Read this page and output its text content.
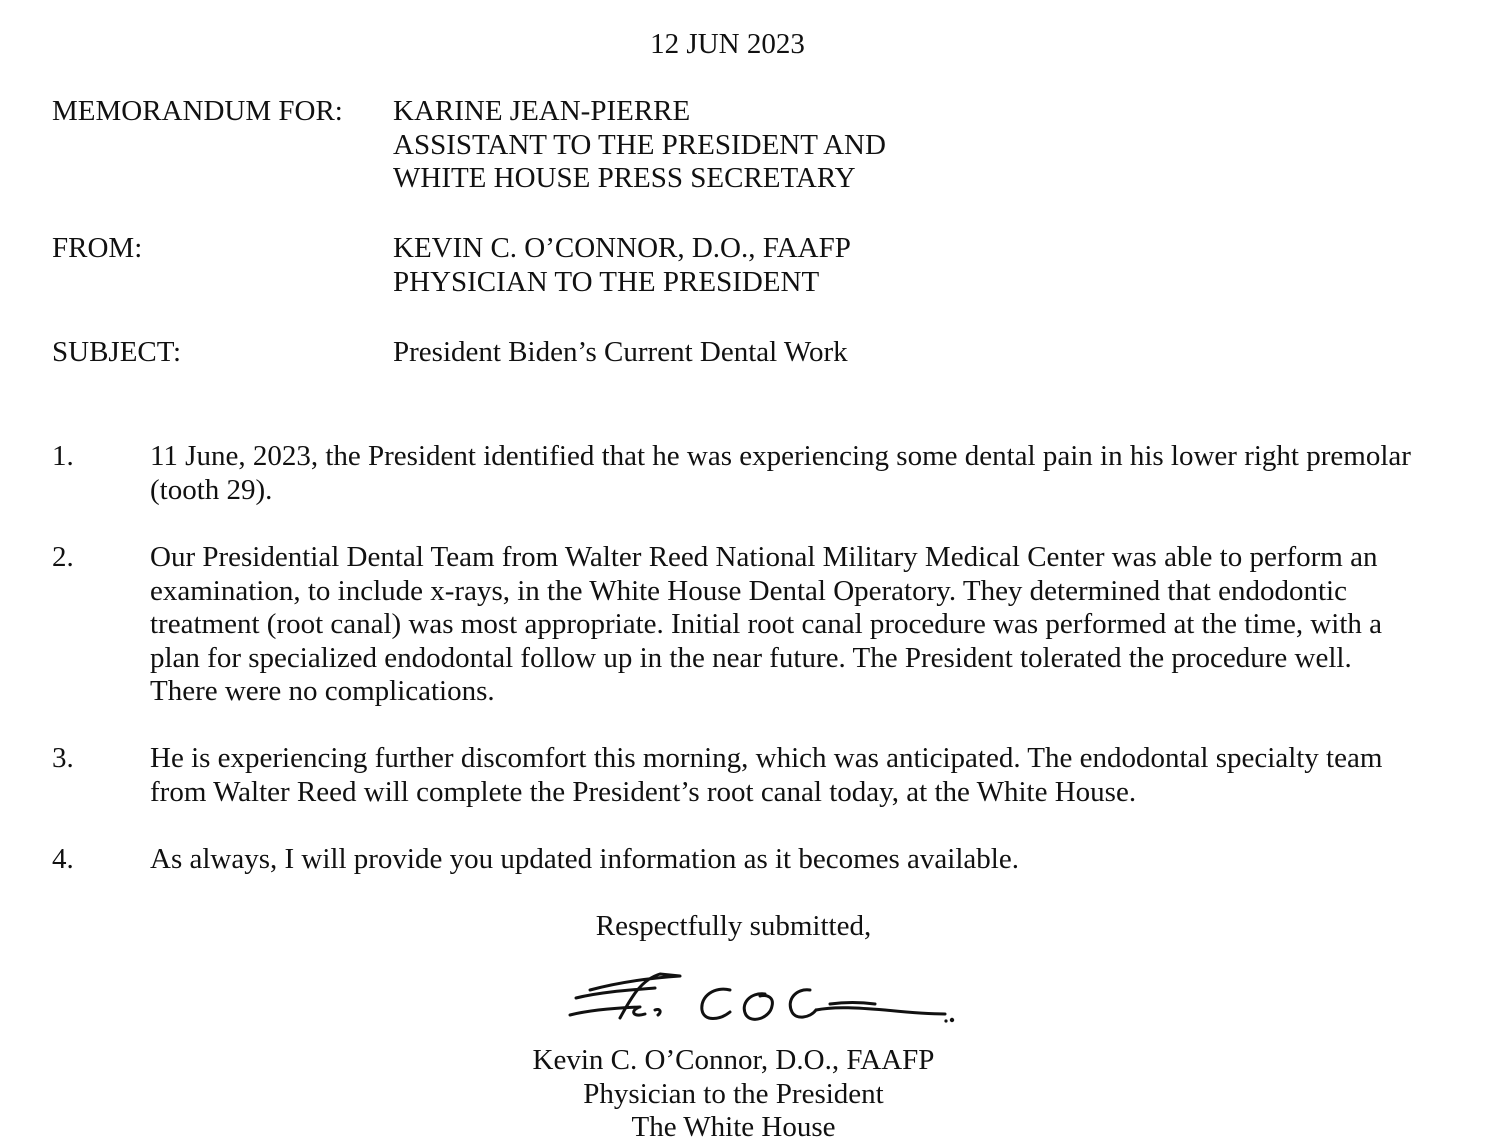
12 JUN 2023
MEMORANDUM FOR: KARINE JEAN-PIERRE
ASSISTANT TO THE PRESIDENT AND
WHITE HOUSE PRESS SECRETARY
FROM:	KEVIN C. O’CONNOR, D.O., FAAFP
PHYSICIAN TO THE PRESIDENT
SUBJECT:	President Biden’s Current Dental Work
1.	11 June, 2023, the President identified that he was experiencing some dental pain in his lower right premolar
(tooth 29).
2.	Our Presidential Dental Team from Walter Reed National Military Medical Center was able to perform an
examination, to include x-rays, in the White House Dental Operatory. They determined that endodontic
treatment (root canal) was most appropriate. Initial root canal procedure was performed at the time, with a
plan for specialized endodontal follow up in the near future. The President tolerated the procedure well.
There were no complications.
3.	He is experiencing further discomfort this morning, which was anticipated. The endodontal specialty team
from Walter Reed will complete the President’s root canal today, at the White House.
4.	As always, I will provide you updated information as it becomes available.
Respectfully submitted,
Kevin C. O’Connor, D.O., FAAFP
Physician to the President
The White House
